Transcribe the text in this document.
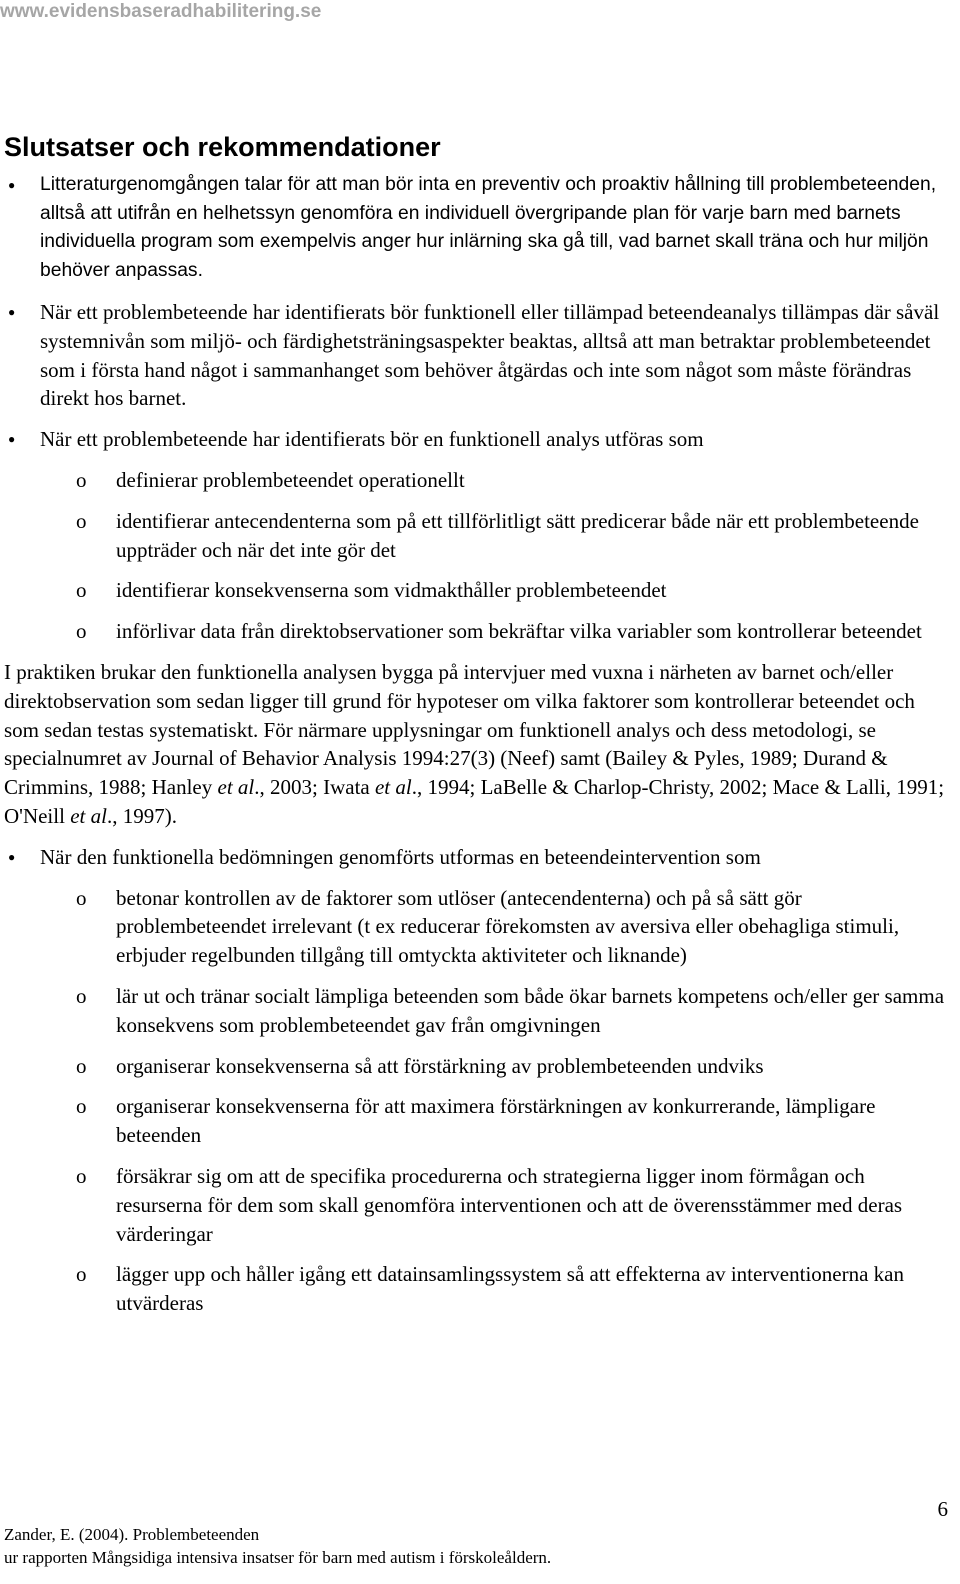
www.evidensbaseradhabilitering.se
Slutsatser och rekommendationer
● Litteraturgenomgången talar för att man bör inta en preventiv och proaktiv hållning till problembeteenden, alltså att utifrån en helhetssyn genomföra en individuell övergripande plan för varje barn med barnets individuella program som exempelvis anger hur inlärning ska gå till, vad barnet skall träna och hur miljön behöver anpassas.
● När ett problembeteende har identifierats bör funktionell eller tillämpad beteendeanalys tillämpas där såväl systemnivån som miljö- och färdighetsträningsaspekter beaktas, alltså att man betraktar problembeteendet som i första hand något i sammanhanget som behöver åtgärdas och inte som något som måste förändras direkt hos barnet.
● När ett problembeteende har identifierats bör en funktionell analys utföras som
o definierar problembeteendet operationellt
o identifierar antecendenterna som på ett tillförlitligt sätt predicerar både när ett problembeteende uppträder och när det inte gör det
o identifierar konsekvenserna som vidmakthåller problembeteendet
o införlivar data från direktobservationer som bekräftar vilka variabler som kontrollerar beteendet
I praktiken brukar den funktionella analysen bygga på intervjuer med vuxna i närheten av barnet och/eller direktobservation som sedan ligger till grund för hypoteser om vilka faktorer som kontrollerar beteendet och som sedan testas systematiskt. För närmare upplysningar om funktionell analys och dess metodologi, se specialnumret av Journal of Behavior Analysis 1994:27(3) (Neef) samt (Bailey & Pyles, 1989; Durand & Crimmins, 1988; Hanley et al., 2003; Iwata et al., 1994; LaBelle & Charlop-Christy, 2002; Mace & Lalli, 1991; O'Neill et al., 1997).
● När den funktionella bedömningen genomförts utformas en beteendeintervention som
o betonar kontrollen av de faktorer som utlöser (antecendenterna) och på så sätt gör problembeteendet irrelevant (t ex reducerar förekomsten av aversiva eller obehagliga stimuli, erbjuder regelbunden tillgång till omtyckta aktiviteter och liknande)
o lär ut och tränar socialt lämpliga beteenden som både ökar barnets kompetens och/eller ger samma konsekvens som problembeteendet gav från omgivningen
o organiserar konsekvenserna så att förstärkning av problembeteenden undviks
o organiserar konsekvenserna för att maximera förstärkningen av konkurrerande, lämpligare beteenden
o försäkrar sig om att de specifika procedurerna och strategierna ligger inom förmågan och resurserna för dem som skall genomföra interventionen och att de överensstämmer med deras värderingar
o lägger upp och håller igång ett datainsamlingssystem så att effekterna av interventionerna kan utvärderas
6
Zander, E. (2004). Problembeteenden
ur rapporten Mångsidiga intensiva insatser för barn med autism i förskoleåldern.
